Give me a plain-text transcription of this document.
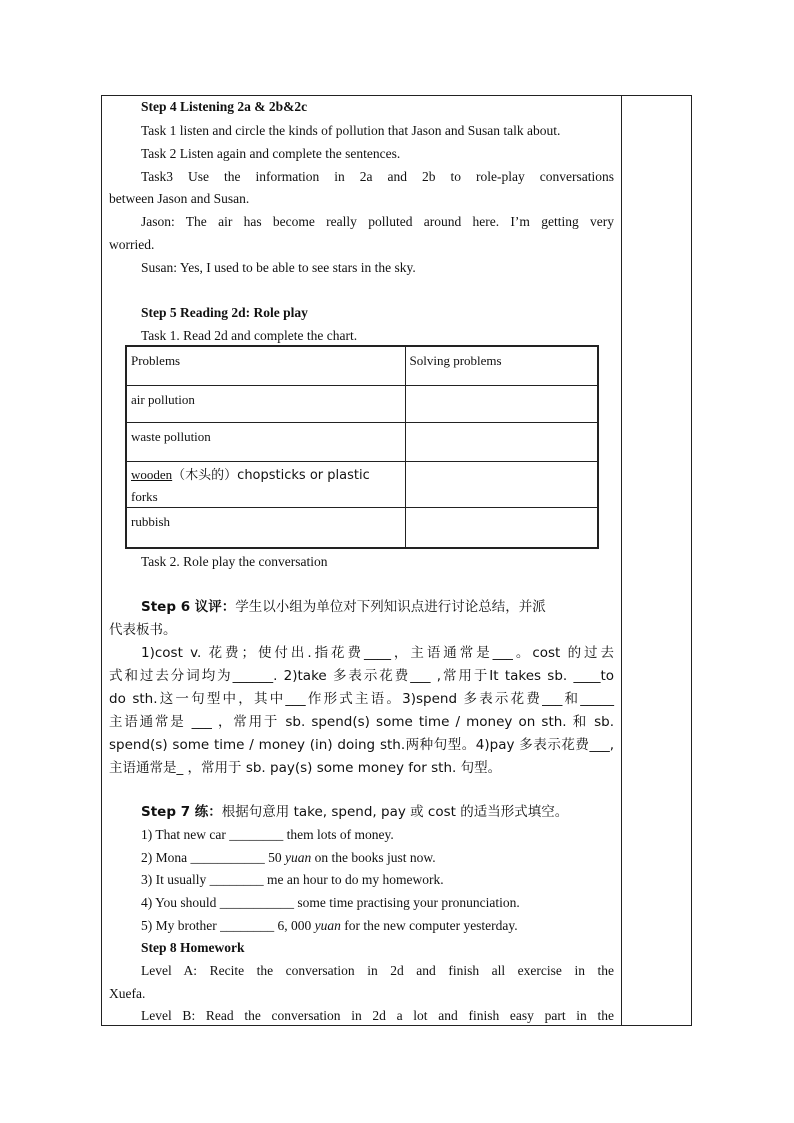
Step 4 Listening 2a & 2b&2c
Task 1 listen and circle the kinds of pollution that Jason and Susan talk about.
Task 2 Listen again and complete the sentences.
Task3 Use the information in 2a and 2b to role-play conversations
between Jason and Susan.
Jason: The air has become really polluted around here. I’m getting very
worried.
Susan: Yes, I used to be able to see stars in the sky.
Step 5 Reading 2d: Role play
Task 1. Read 2d and complete the chart.
Task 2. Role play the conversation
Step 6 议评：学生以小组为单位对下列知识点进行讨论总结，并派
代表板书。
1)cost v. 花费；使付出.指花费____，主语通常是___。cost 的过去
式和过去分词均为______. 2)take 多表示花费___ ,常用于It takes sb. ____to
do sth.这一句型中，其中___作形式主语。3)spend 多表示花费___和_____
主语通常是 ___ ，常用于 sb. spend(s) some time / money on sth. 和 sb.
spend(s) some time / money (in) doing sth.两种句型。4)pay 多表示花费___,
主语通常是_ ，常用于 sb. pay(s) some money for sth. 句型。
Step 7 练：根据句意用 take, spend, pay 或 cost 的适当形式填空。
1) That new car ________ them lots of money.
2) Mona ___________ 50 yuan on the books just now.
3) It usually ________ me an hour to do my homework.
4) You should ___________ some time practising your pronunciation.
5) My brother ________ 6, 000 yuan for the new computer yesterday.
Step 8 Homework
Level A: Recite the conversation in 2d and finish all exercise in the
Xuefa.
Level B: Read the conversation in 2d a lot and finish easy part in the
Problems	Solving problems
air pollution	
waste pollution	
wooden（木头的）chopsticks or plastic
forks	
rubbish	
